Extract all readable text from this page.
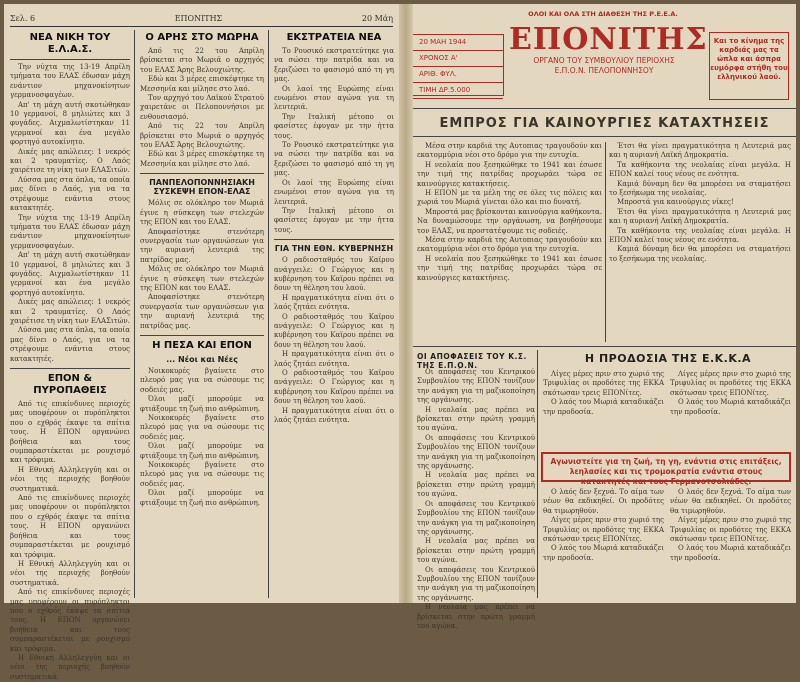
Σελ. 6	ΕΠΟΝΙΤΗΣ	20 Μάη
ΝΕΑ ΝΙΚΗ ΤΟΥ Ε.Λ.Α.Σ.

Την νύχτα της 13-19 Απρίλη τμήματα του ΕΛΑΣ έδωσαν μάχη ενάντιον μηχανοκίνητων γερμανοσφαγέων.

Απ' τη μάχη αυτή σκοτώθηκαν 10 γερμανοί, 8 μηλιώτες και 3 φυγάδες. Αιχμαλωτίστηκαν 11 γερμανοί και ένα μεγάλο φορτηγό αυτοκίνητο.

Δικές μας απώλειες: 1 νεκρός και 2 τραυματίες. Ο Λαός χαιρέτισε τη νίκη των ΕΛΑΣιτών.

Λύσσα μας στα όπλα, τα οποία μας δίνει ο Λαός, για να τα στρέψουμε ενάντια στους κατακτητές.

Την νύχτα της 13-19 Απρίλη τμήματα του ΕΛΑΣ έδωσαν μάχη ενάντιον μηχανοκίνητων γερμανοσφαγέων.

Απ' τη μάχη αυτή σκοτώθηκαν 10 γερμανοί, 8 μηλιώτες και 3 φυγάδες. Αιχμαλωτίστηκαν 11 γερμανοί και ένα μεγάλο φορτηγό αυτοκίνητο.

Δικές μας απώλειες: 1 νεκρός και 2 τραυματίες. Ο Λαός χαιρέτισε τη νίκη των ΕΛΑΣιτών.

Λύσσα μας στα όπλα, τα οποία μας δίνει ο Λαός, για να τα στρέψουμε ενάντια στους κατακτητές.

ΕΠΟΝ & ΠΥΡΟΠΑΘΕΙΣ

Από τις επικίνδυνες περιοχές μας υποφέρουν οι πυρόπληκτοι που ο εχθρός έκαψε τα σπίτια τους. Η ΕΠΟΝ οργανώνει βοήθεια και τους συμπαραστέκεται με ρουχισμό και τρόφιμα.

Η Εθνική Αλληλεγγύη και οι νέοι της περιοχής βοηθούν συστηματικά.

Από τις επικίνδυνες περιοχές μας υποφέρουν οι πυρόπληκτοι που ο εχθρός έκαψε τα σπίτια τους. Η ΕΠΟΝ οργανώνει βοήθεια και τους συμπαραστέκεται με ρουχισμό και τρόφιμα.

Η Εθνική Αλληλεγγύη και οι νέοι της περιοχής βοηθούν συστηματικά.

Από τις επικίνδυνες περιοχές μας υποφέρουν οι πυρόπληκτοι που ο εχθρός έκαψε τα σπίτια τους. Η ΕΠΟΝ οργανώνει βοήθεια και τους συμπαραστέκεται με ρουχισμό και τρόφιμα.

Η Εθνική Αλληλεγγύη και οι νέοι της περιοχής βοηθούν συστηματικά.

Ο ΑΡΗΣ ΣΤΟ ΜΩΡΗΑ

Από τις 22 του Απρίλη βρίσκεται στο Μωριά ο αρχηγός του ΕΛΑΣ Άρης Βελουχιώτης.

Εδώ και 3 μέρες επισκέφτηκε τη Μεσσηνία και μίλησε στο λαό.

Τον αρχηγό του Λαϊκού Στρατού χαιρετάνε οι Πελοποννήσιοι με ενθουσιασμό.

Από τις 22 του Απρίλη βρίσκεται στο Μωριά ο αρχηγός του ΕΛΑΣ Άρης Βελουχιώτης.

Εδώ και 3 μέρες επισκέφτηκε τη Μεσσηνία και μίλησε στο λαό.

ΠΑΝΠΕΛΟΠΟΝΝΗΣΙΑΚΗ ΣΥΣΚΕΨΗ ΕΠΟΝ-ΕΛΑΣ

Μόλις σε ολόκληρο τον Μωριά έγινε η σύσκεψη των στελεχών της ΕΠΟΝ και του ΕΛΑΣ.

Αποφασίστηκε στενότερη συνεργασία των οργανώσεων για την αυριανή λευτεριά της πατρίδας μας.

Μόλις σε ολόκληρο τον Μωριά έγινε η σύσκεψη των στελεχών της ΕΠΟΝ και του ΕΛΑΣ.

Αποφασίστηκε στενότερη συνεργασία των οργανώσεων για την αυριανή λευτεριά της πατρίδας μας.

Η ΠΕΣΑ ΚΑΙ ΕΠΟΝ
... Νέοι και Νέες

Νοικοκυρές βγαίνετε στο πλευρό μας για να σώσουμε τις σοδειές μας.

Όλοι μαζί μπορούμε να φτιάξουμε τη ζωή πιο ανθρώπινη.

Νοικοκυρές βγαίνετε στο πλευρό μας για να σώσουμε τις σοδειές μας.

Όλοι μαζί μπορούμε να φτιάξουμε τη ζωή πιο ανθρώπινη.

Νοικοκυρές βγαίνετε στο πλευρό μας για να σώσουμε τις σοδειές μας.

Όλοι μαζί μπορούμε να φτιάξουμε τη ζωή πιο ανθρώπινη.

ΕΚΣΤΡΑΤΕΙΑ ΝΕΑ

Το Ρουσικό εκστρατεύτηκε για να σώσει την πατρίδα και να ξεριζώσει το φασισμό από τη γη μας.

Οι λαοί της Ευρώπης είναι ενωμένοι στον αγώνα για τη λευτεριά.

Την Ιταλική μέτοπο οι φασίστες έφυγαν με την ήττα τους.

Το Ρουσικό εκστρατεύτηκε για να σώσει την πατρίδα και να ξεριζώσει το φασισμό από τη γη μας.

Οι λαοί της Ευρώπης είναι ενωμένοι στον αγώνα για τη λευτεριά.

Την Ιταλική μέτοπο οι φασίστες έφυγαν με την ήττα τους.

ΓΙΑ ΤΗΝ ΕΘΝ. ΚΥΒΕΡΝΗΣΗ

Ο ραδιοσταθμός του Καϊρου ανάγγειλε: Ο Γεώργιος και η κυβέρνηση του Καϊρου πρέπει να δουν τη θέληση του λαού.

Η πραγματικότητα είναι ότι ο λαός ζητάει ενότητα.

Ο ραδιοσταθμός του Καϊρου ανάγγειλε: Ο Γεώργιος και η κυβέρνηση του Καϊρου πρέπει να δουν τη θέληση του λαού.

Η πραγματικότητα είναι ότι ο λαός ζητάει ενότητα.

Ο ραδιοσταθμός του Καϊρου ανάγγειλε: Ο Γεώργιος και η κυβέρνηση του Καϊρου πρέπει να δουν τη θέληση του λαού.

Η πραγματικότητα είναι ότι ο λαός ζητάει ενότητα.

ΟΛΟΙ ΚΑΙ ΟΛΑ ΣΤΗ ΔΙΑΘΕΣΗ ΤΗΣ Ρ.Ε.Ε.Α.
20 ΜΑΗ 1944
ΧΡΟΝΟΣ Α'
ΑΡΙΘ. ΦΥΛ.
ΤΙΜΗ ΔΡ.5.000
ΕΠΟΝΙΤΗΣ
ΟΡΓΑΝΟ ΤΟΥ ΣΥΜΒΟΥΛΙΟΥ ΠΕΡΙΟΧΗΣ
Ε.Π.Ο.Ν. ΠΕΛΟΠΟΝΝΗΣΟΥ
Και το κίνημα της καρδιάς μας τα ώπλα και άσπρα ευμόρφα στήθη του ελληνικού λαού.
ΕΜΠΡΟΣ ΓΙΑ ΚΑΙΝΟΥΡΓΙΕΣ ΚΑΤΑΧΤΗΣΕΙΣ

Μέσα στην καρδιά της Αυτοπιας τραγουδούν και εκατομμύρια νέοι στο δρόμο για την ευτυχία.

Η νεολαία που ξεσηκώθηκε το 1941 και έσωσε την τιμή της πατρίδας προχωράει τώρα σε καινούργιες κατακτήσεις.

Η ΕΠΟΝ με τα μέλη της σε όλες τις πόλεις και χωριά του Μωριά γίνεται όλο και πιο δυνατή.

Μπροστά μας βρίσκονται καινούργια καθήκοντα. Να δυναμώσουμε την οργάνωση, να βοηθήσουμε τον ΕΛΑΣ, να προστατέψουμε τις σοδειές.

Μέσα στην καρδιά της Αυτοπιας τραγουδούν και εκατομμύρια νέοι στο δρόμο για την ευτυχία.

Η νεολαία που ξεσηκώθηκε το 1941 και έσωσε την τιμή της πατρίδας προχωράει τώρα σε καινούργιες κατακτήσεις.

Έτσι θα γίνει πραγματικότητα η Λευτεριά μας και η αυριανή Λαϊκή Δημοκρατία.

Τα καθήκοντα της νεολαίας είναι μεγάλα. Η ΕΠΟΝ καλεί τους νέους σε ενότητα.

Καμιά δύναμη δεν θα μπορέσει να σταματήσει το ξεσήκωμα της νεολαίας.

Μπροστά για καινούργιες νίκες!

Έτσι θα γίνει πραγματικότητα η Λευτεριά μας και η αυριανή Λαϊκή Δημοκρατία.

Τα καθήκοντα της νεολαίας είναι μεγάλα. Η ΕΠΟΝ καλεί τους νέους σε ενότητα.

Καμιά δύναμη δεν θα μπορέσει να σταματήσει το ξεσήκωμα της νεολαίας.

ΟΙ ΑΠΟΦΑΣΕΙΣ ΤΟΥ Κ.Σ. ΤΗΣ Ε.Π.Ο.Ν.

Οι αποφάσεις του Κεντρικού Συμβουλίου της ΕΠΟΝ τονίζουν την ανάγκη για τη μαζικοποίηση της οργάνωσης.

Η νεολαία μας πρέπει να βρίσκεται στην πρώτη γραμμή του αγώνα.

Οι αποφάσεις του Κεντρικού Συμβουλίου της ΕΠΟΝ τονίζουν την ανάγκη για τη μαζικοποίηση της οργάνωσης.

Η νεολαία μας πρέπει να βρίσκεται στην πρώτη γραμμή του αγώνα.

Οι αποφάσεις του Κεντρικού Συμβουλίου της ΕΠΟΝ τονίζουν την ανάγκη για τη μαζικοποίηση της οργάνωσης.

Η νεολαία μας πρέπει να βρίσκεται στην πρώτη γραμμή του αγώνα.

Οι αποφάσεις του Κεντρικού Συμβουλίου της ΕΠΟΝ τονίζουν την ανάγκη για τη μαζικοποίηση της οργάνωσης.

Η νεολαία μας πρέπει να βρίσκεται στην πρώτη γραμμή του αγώνα.

Η ΠΡΟΔΟΣΙΑ ΤΗΣ Ε.Κ.Κ.Α

Λίγες μέρες πριν στο χωριό της Τριφυλίας οι προδότες της ΕΚΚΑ σκότωσαν τρεις ΕΠΟΝίτες.

Ο λαός του Μωριά καταδικάζει την προδοσία.

Λίγες μέρες πριν στο χωριό της Τριφυλίας οι προδότες της ΕΚΚΑ σκότωσαν τρεις ΕΠΟΝίτες.

Ο λαός του Μωριά καταδικάζει την προδοσία.

Αγωνιστείτε για τη ζωή, τη γη, ενάντια στις επιτάξεις, λεηλασίες και τις τρομοκρατία ενάντια στους κατακτητές και τους Γερμανοτσολιάδες.

Ο λαός δεν ξεχνά. Το αίμα των νέων θα εκδικηθεί. Οι προδότες θα τιμωρηθούν.

Λίγες μέρες πριν στο χωριό της Τριφυλίας οι προδότες της ΕΚΚΑ σκότωσαν τρεις ΕΠΟΝίτες.

Ο λαός του Μωριά καταδικάζει την προδοσία.

Ο λαός δεν ξεχνά. Το αίμα των νέων θα εκδικηθεί. Οι προδότες θα τιμωρηθούν.

Λίγες μέρες πριν στο χωριό της Τριφυλίας οι προδότες της ΕΚΚΑ σκότωσαν τρεις ΕΠΟΝίτες.

Ο λαός του Μωριά καταδικάζει την προδοσία.
